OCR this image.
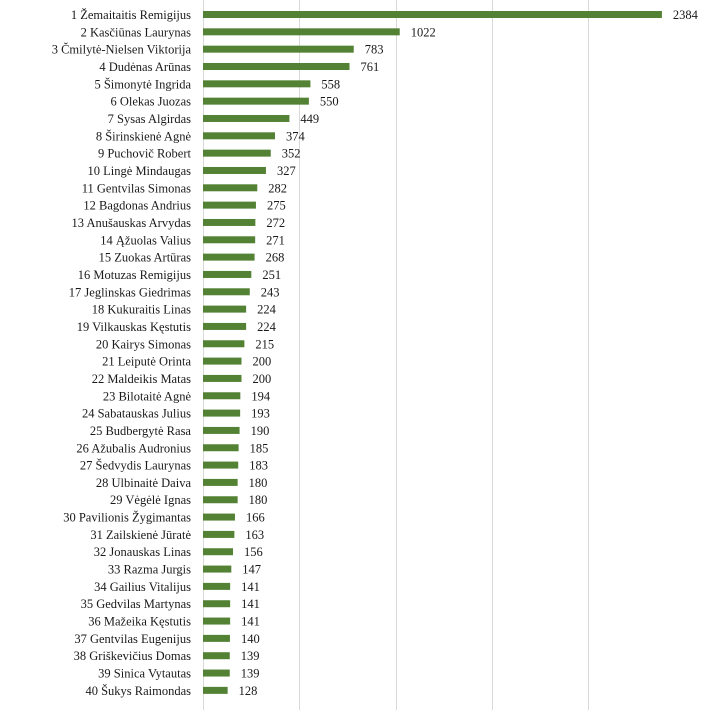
1 Žemaitaitis Remigijus
2 Kasčiūnas Laurynas
3 Čmilytė-Nielsen Viktorija
4 Dudėnas Arūnas
5 Šimonytė Ingrida
6 Olekas Juozas
7 Sysas Algirdas
8 Širinskienė Agnė
9 Puchovič Robert
10 Lingė Mindaugas
11 Gentvilas Simonas
12 Bagdonas Andrius
13 Anušauskas Arvydas
14 Ąžuolas Valius
15 Zuokas Artūras
16 Motuzas Remigijus
17 Jeglinskas Giedrimas
18 Kukuraitis Linas
19 Vilkauskas Kęstutis
20 Kairys Simonas
21 Leiputė Orinta
22 Maldeikis Matas
23 Bilotaitė Agnė
24 Sabatauskas Julius
25 Budbergytė Rasa
26 Ažubalis Audronius
27 Šedvydis Laurynas
28 Ulbinaitė Daiva
29 Vėgėlė Ignas
30 Pavilionis Žygimantas
31 Zailskienė Jūratė
32 Jonauskas Linas
33 Razma Jurgis
34 Gailius Vitalijus
35 Gedvilas Martynas
36 Mažeika Kęstutis
37 Gentvilas Eugenijus
38 Griškevičius Domas
39 Sinica Vytautas
40 Šukys Raimondas
2384
1022
783
761
558
550
449
374
352
327
282
275
272
271
268
251
243
224
224
215
200
200
194
193
190
185
183
180
180
166
163
156
147
141
141
141
140
139
139
128
